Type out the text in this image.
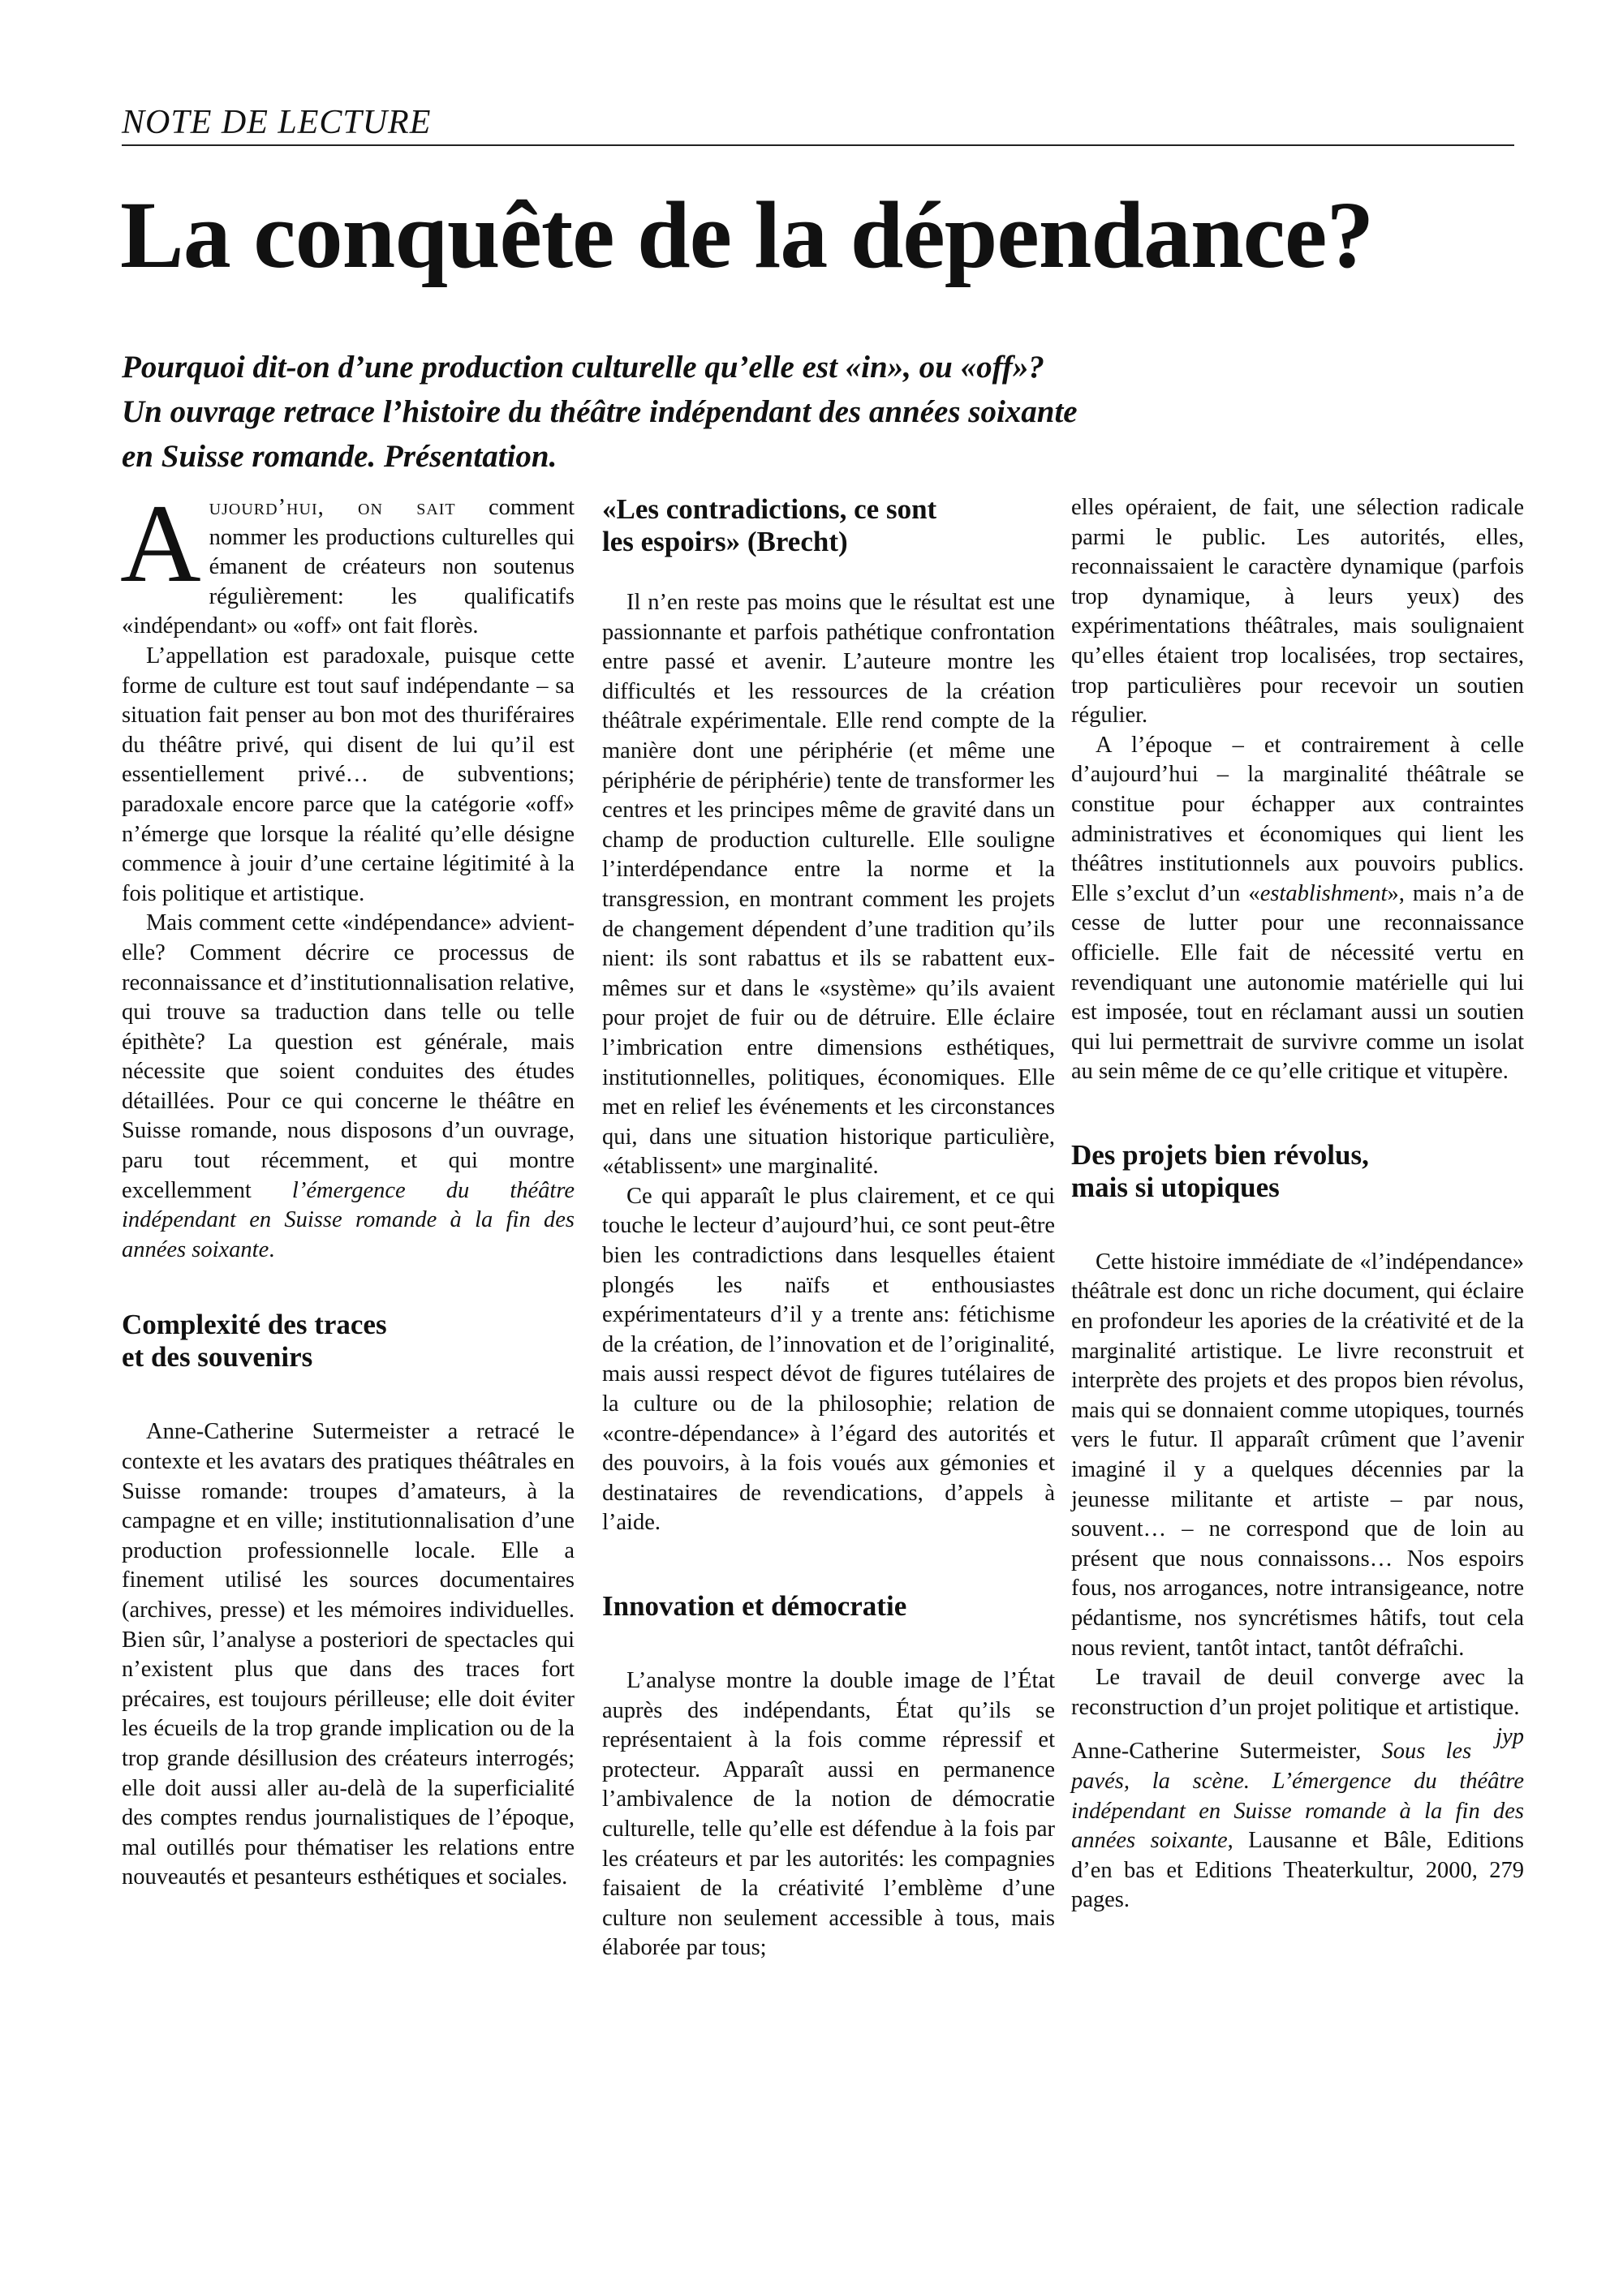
NOTE DE LECTURE
La conquête de la dépendance?
Pourquoi dit-on d’une production culturelle qu’elle est «in», ou «off»?
Un ouvrage retrace l’histoire du théâtre indépendant des années soixante
en Suisse romande. Présentation.

Aujourd’hui, on sait comment nommer les productions culturelles qui émanent de créateurs non soutenus régulièrement: les qualificatifs «indépendant» ou «off» ont fait florès.

L’appellation est paradoxale, puisque cette forme de culture est tout sauf indépendante – sa situation fait penser au bon mot des thuriféraires du théâtre privé, qui disent de lui qu’il est essentiellement privé… de subventions; paradoxale encore parce que la catégorie «off» n’émerge que lorsque la réalité qu’elle désigne commence à jouir d’une certaine légitimité à la fois politique et artistique.

Mais comment cette «indépendance» advient-elle? Comment décrire ce processus de reconnaissance et d’institutionnalisation relative, qui trouve sa traduction dans telle ou telle épithète? La question est générale, mais nécessite que soient conduites des études détaillées. Pour ce qui concerne le théâtre en Suisse romande, nous disposons d’un ouvrage, paru tout récemment, et qui montre excellemment l’émergence du théâtre indépendant en Suisse romande à la fin des années soixante.

Complexité des traces
et des souvenirs

Anne-Catherine Sutermeister a retracé le contexte et les avatars des pratiques théâtrales en Suisse romande: troupes d’amateurs, à la campagne et en ville; institutionnalisation d’une production professionnelle locale. Elle a finement utilisé les sources documentaires (archives, presse) et les mémoires individuelles. Bien sûr, l’analyse a posteriori de spectacles qui n’existent plus que dans des traces fort précaires, est toujours périlleuse; elle doit éviter les écueils de la trop grande implication ou de la trop grande désillusion des créateurs interrogés; elle doit aussi aller au-delà de la superficialité des comptes rendus journalistiques de l’époque, mal outillés pour thématiser les relations entre nouveautés et pesanteurs esthétiques et sociales.

«Les contradictions, ce sont
les espoirs» (Brecht)

Il n’en reste pas moins que le résultat est une passionnante et parfois pathétique confrontation entre passé et avenir. L’auteure montre les difficultés et les ressources de la création théâtrale expérimentale. Elle rend compte de la manière dont une périphérie (et même une périphérie de périphérie) tente de transformer les centres et les principes même de gravité dans un champ de production culturelle. Elle souligne l’interdépendance entre la norme et la transgression, en montrant comment les projets de changement dépendent d’une tradition qu’ils nient: ils sont rabattus et ils se rabattent eux-mêmes sur et dans le «système» qu’ils avaient pour projet de fuir ou de détruire. Elle éclaire l’imbrication entre dimensions esthétiques, institutionnelles, politiques, économiques. Elle met en relief les événements et les circonstances qui, dans une situation historique particulière, «établissent» une marginalité.

Ce qui apparaît le plus clairement, et ce qui touche le lecteur d’aujourd’hui, ce sont peut-être bien les contradictions dans lesquelles étaient plongés les naïfs et enthousiastes expérimentateurs d’il y a trente ans: fétichisme de la création, de l’innovation et de l’originalité, mais aussi respect dévot de figures tutélaires de la culture ou de la philosophie; relation de «contre-dépendance» à l’égard des autorités et des pouvoirs, à la fois voués aux gémonies et destinataires de revendications, d’appels à l’aide.

Innovation et démocratie

L’analyse montre la double image de l’État auprès des indépendants, État qu’ils se représentaient à la fois comme répressif et protecteur. Apparaît aussi en permanence l’ambivalence de la notion de démocratie culturelle, telle qu’elle est défendue à la fois par les créateurs et par les autorités: les compagnies faisaient de la créativité l’emblème d’une culture non seulement accessible à tous, mais élaborée par tous;

elles opéraient, de fait, une sélection radicale parmi le public. Les autorités, elles, reconnaissaient le caractère dynamique (parfois trop dynamique, à leurs yeux) des expérimentations théâtrales, mais soulignaient qu’elles étaient trop localisées, trop sectaires, trop particulières pour recevoir un soutien régulier.

A l’époque – et contrairement à celle d’aujourd’hui – la marginalité théâtrale se constitue pour échapper aux contraintes administratives et économiques qui lient les théâtres institutionnels aux pouvoirs publics. Elle s’exclut d’un «establishment», mais n’a de cesse de lutter pour une reconnaissance officielle. Elle fait de nécessité vertu en revendiquant une autonomie matérielle qui lui est imposée, tout en réclamant aussi un soutien qui lui permettrait de survivre comme un isolat au sein même de ce qu’elle critique et vitupère.

Des projets bien révolus,
mais si utopiques

Cette histoire immédiate de «l’indépendance» théâtrale est donc un riche document, qui éclaire en profondeur les apories de la créativité et de la marginalité artistique. Le livre reconstruit et interprète des projets et des propos bien révolus, mais qui se donnaient comme utopiques, tournés vers le futur. Il apparaît crûment que l’avenir imaginé il y a quelques décennies par la jeunesse militante et artiste – par nous, souvent… – ne correspond que de loin au présent que nous connaissons… Nos espoirs fous, nos arrogances, notre intransigeance, notre pédantisme, nos syncrétismes hâtifs, tout cela nous revient, tantôt intact, tantôt défraîchi.

Le travail de deuil converge avec la reconstruction d’un projet politique et artistique.
jyp

Anne-Catherine Sutermeister, Sous les pavés, la scène. L’émergence du théâtre indépendant en Suisse romande à la fin des années soixante, Lausanne et Bâle, Editions d’en bas et Editions Theaterkultur, 2000, 279 pages.
